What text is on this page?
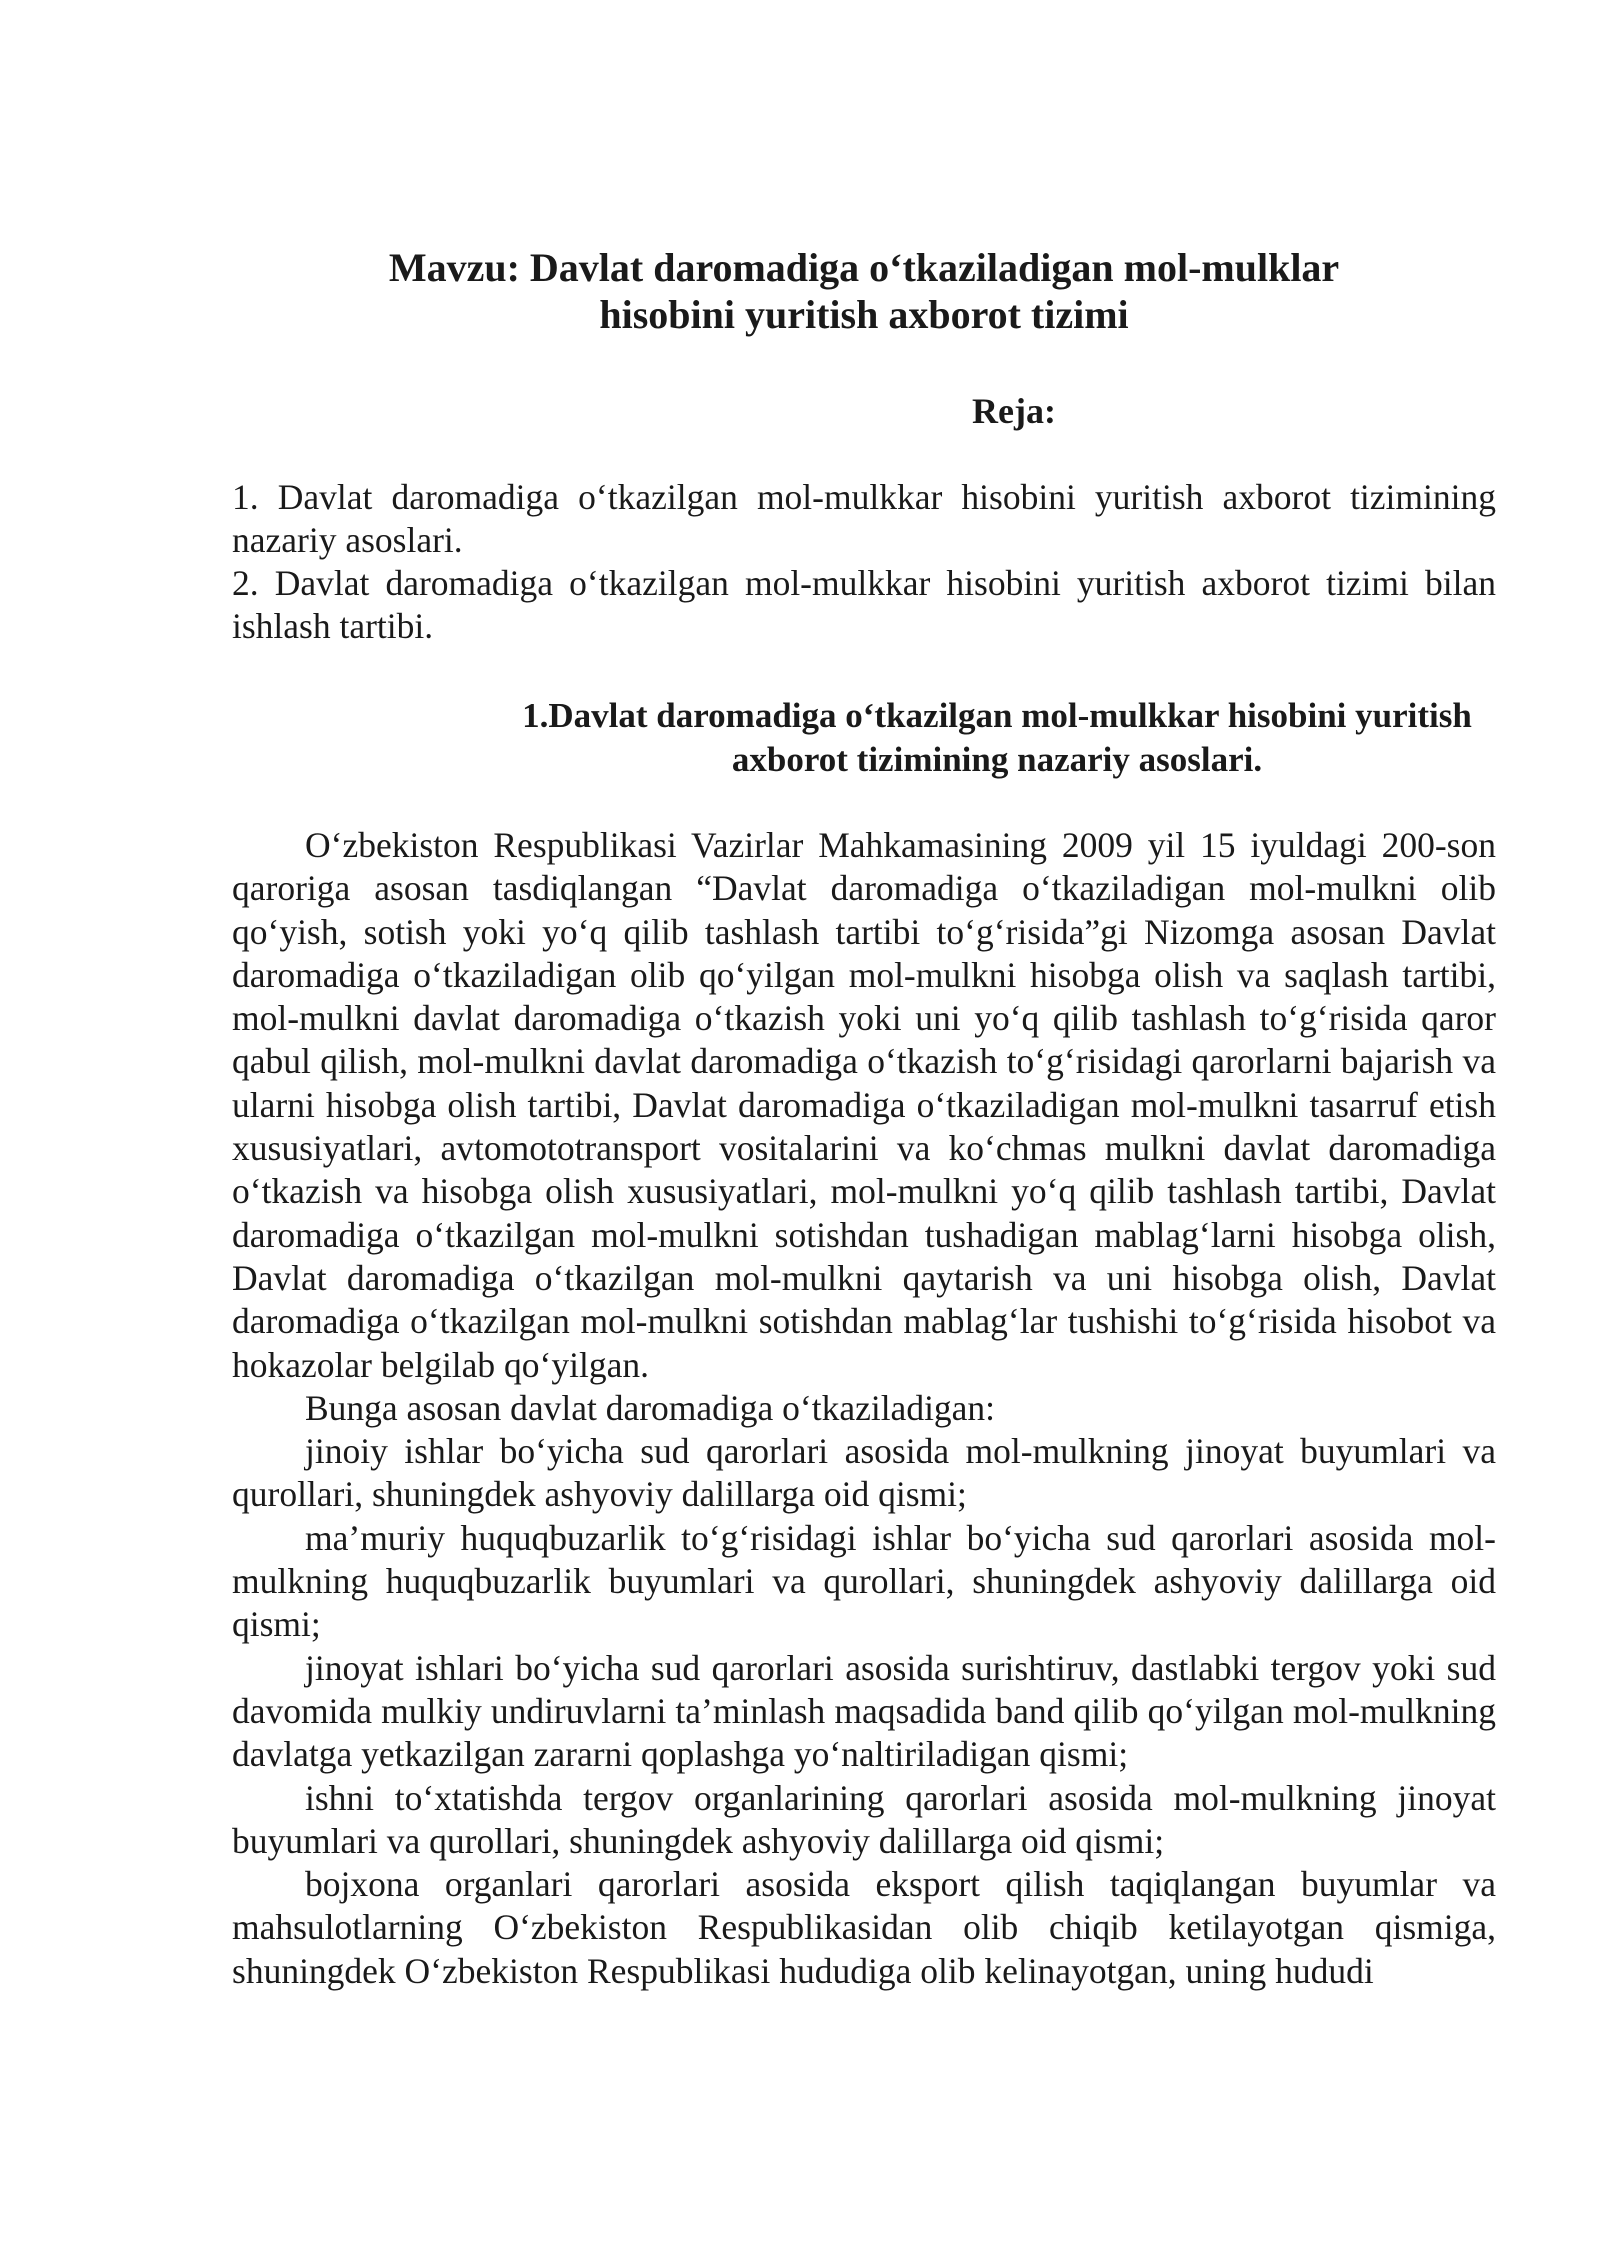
Mavzu: Davlat daromadiga o‘tkaziladigan mol-mulklar
hisobini yuritish axborot tizimi
Reja:

1. Davlat daromadiga o‘tkazilgan mol-mulkkar hisobini yuritish axborot tizimining nazariy asoslari.

2. Davlat daromadiga o‘tkazilgan mol-mulkkar hisobini yuritish axborot tizimi bilan ishlash tartibi.

1.Davlat daromadiga o‘tkazilgan mol-mulkkar hisobini yuritish
axborot tizimining nazariy asoslari.

O‘zbekiston Respublikasi Vazirlar Mahkamasining 2009 yil 15 iyuldagi 200-son qaroriga asosan tasdiqlangan “Davlat daromadiga o‘tkaziladigan mol-mulkni olib qo‘yish, sotish yoki yo‘q qilib tashlash tartibi to‘g‘risida”gi Nizomga asosan Davlat daromadiga o‘tkaziladigan olib qo‘yilgan mol-mulkni hisobga olish va saqlash tartibi, mol-mulkni davlat daromadiga o‘tkazish yoki uni yo‘q qilib tashlash to‘g‘risida qaror qabul qilish, mol-mulkni davlat daromadiga o‘tkazish to‘g‘risidagi qarorlarni bajarish va ularni hisobga olish tartibi, Davlat daromadiga o‘tkaziladigan mol-mulkni tasarruf etish xususiyatlari, avtomototransport vositalarini va ko‘chmas mulkni davlat daromadiga o‘tkazish va hisobga olish xususiyatlari, mol-mulkni yo‘q qilib tashlash tartibi, Davlat daromadiga o‘tkazilgan mol-mulkni sotishdan tushadigan mablag‘larni hisobga olish, Davlat daromadiga o‘tkazilgan mol-mulkni qaytarish va uni hisobga olish, Davlat daromadiga o‘tkazilgan mol-mulkni sotishdan mablag‘lar tushishi to‘g‘risida hisobot va hokazolar belgilab qo‘yilgan.

Bunga asosan davlat daromadiga o‘tkaziladigan:

jinoiy ishlar bo‘yicha sud qarorlari asosida mol-mulkning jinoyat buyumlari va qurollari, shuningdek ashyoviy dalillarga oid qismi;

ma’muriy huquqbuzarlik to‘g‘risidagi ishlar bo‘yicha sud qarorlari asosida mol-mulkning huquqbuzarlik buyumlari va qurollari, shuningdek ashyoviy dalillarga oid qismi;

jinoyat ishlari bo‘yicha sud qarorlari asosida surishtiruv, dastlabki tergov yoki sud davomida mulkiy undiruvlarni ta’minlash maqsadida band qilib qo‘yilgan mol-mulkning davlatga yetkazilgan zararni qoplashga yo‘naltiriladigan qismi;

ishni to‘xtatishda tergov organlarining qarorlari asosida mol-mulkning jinoyat buyumlari va qurollari, shuningdek ashyoviy dalillarga oid qismi;

bojxona organlari qarorlari asosida eksport qilish taqiqlangan buyumlar va mahsulotlarning O‘zbekiston Respublikasidan olib chiqib ketilayotgan qismiga, shuningdek O‘zbekiston Respublikasi hududiga olib kelinayotgan, uning hududi
